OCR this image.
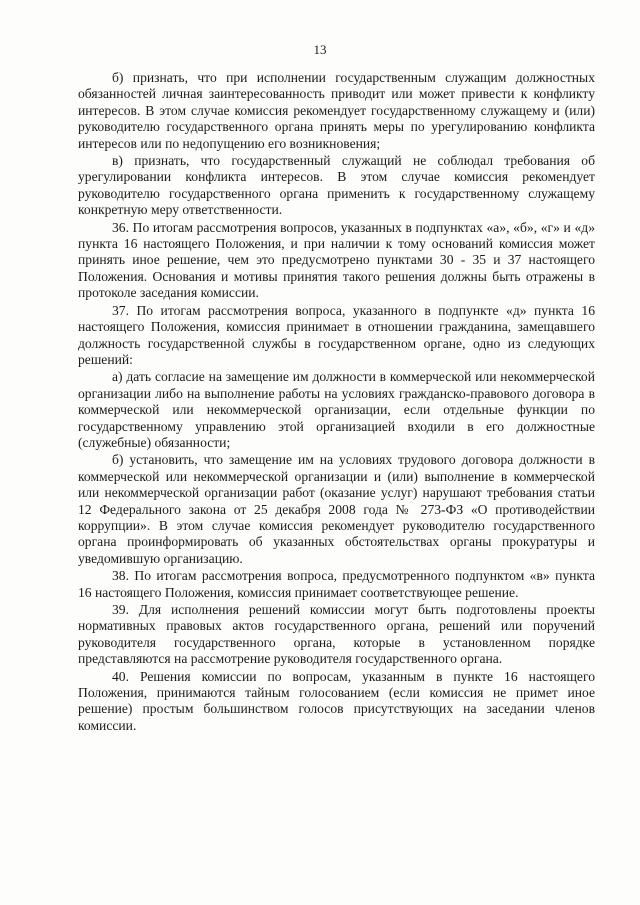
13

б) признать, что при исполнении государственным служащим должностных обязанностей личная заинтересованность приводит или может привести к конфликту интересов. В этом случае комиссия рекомендует государственному служащему и (или) руководителю государственного органа принять меры по урегулированию конфликта интересов или по недопущению его возникновения;

в) признать, что государственный служащий не соблюдал требования об урегулировании конфликта интересов. В этом случае комиссия рекомендует руководителю государственного органа применить к государственному служащему конкретную меру ответственности.

36. По итогам рассмотрения вопросов, указанных в подпунктах «а», «б», «г» и «д» пункта 16 настоящего Положения, и при наличии к тому оснований комиссия может принять иное решение, чем это предусмотрено пунктами 30 - 35 и 37 настоящего Положения. Основания и мотивы принятия такого решения должны быть отражены в протоколе заседания комиссии.

37. По итогам рассмотрения вопроса, указанного в подпункте «д» пункта 16 настоящего Положения, комиссия принимает в отношении гражданина, замещавшего должность государственной службы в государственном органе, одно из следующих решений:

а) дать согласие на замещение им должности в коммерческой или некоммерческой организации либо на выполнение работы на условиях гражданско-правового договора в коммерческой или некоммерческой организации, если отдельные функции по государственному управлению этой организацией входили в его должностные (служебные) обязанности;

б) установить, что замещение им на условиях трудового договора должности в коммерческой или некоммерческой организации и (или) выполнение в коммерческой или некоммерческой организации работ (оказание услуг) нарушают требования статьи 12 Федерального закона от 25 декабря 2008 года № 273-ФЗ «О противодействии коррупции». В этом случае комиссия рекомендует руководителю государственного органа проинформировать об указанных обстоятельствах органы прокуратуры и уведомившую организацию.

38. По итогам рассмотрения вопроса, предусмотренного подпунктом «в» пункта 16 настоящего Положения, комиссия принимает соответствующее решение.

39. Для исполнения решений комиссии могут быть подготовлены проекты нормативных правовых актов государственного органа, решений или поручений руководителя государственного органа, которые в установленном порядке представляются на рассмотрение руководителя государственного органа.

40. Решения комиссии по вопросам, указанным в пункте 16 настоящего Положения, принимаются тайным голосованием (если комиссия не примет иное решение) простым большинством голосов присутствующих на заседании членов комиссии.
